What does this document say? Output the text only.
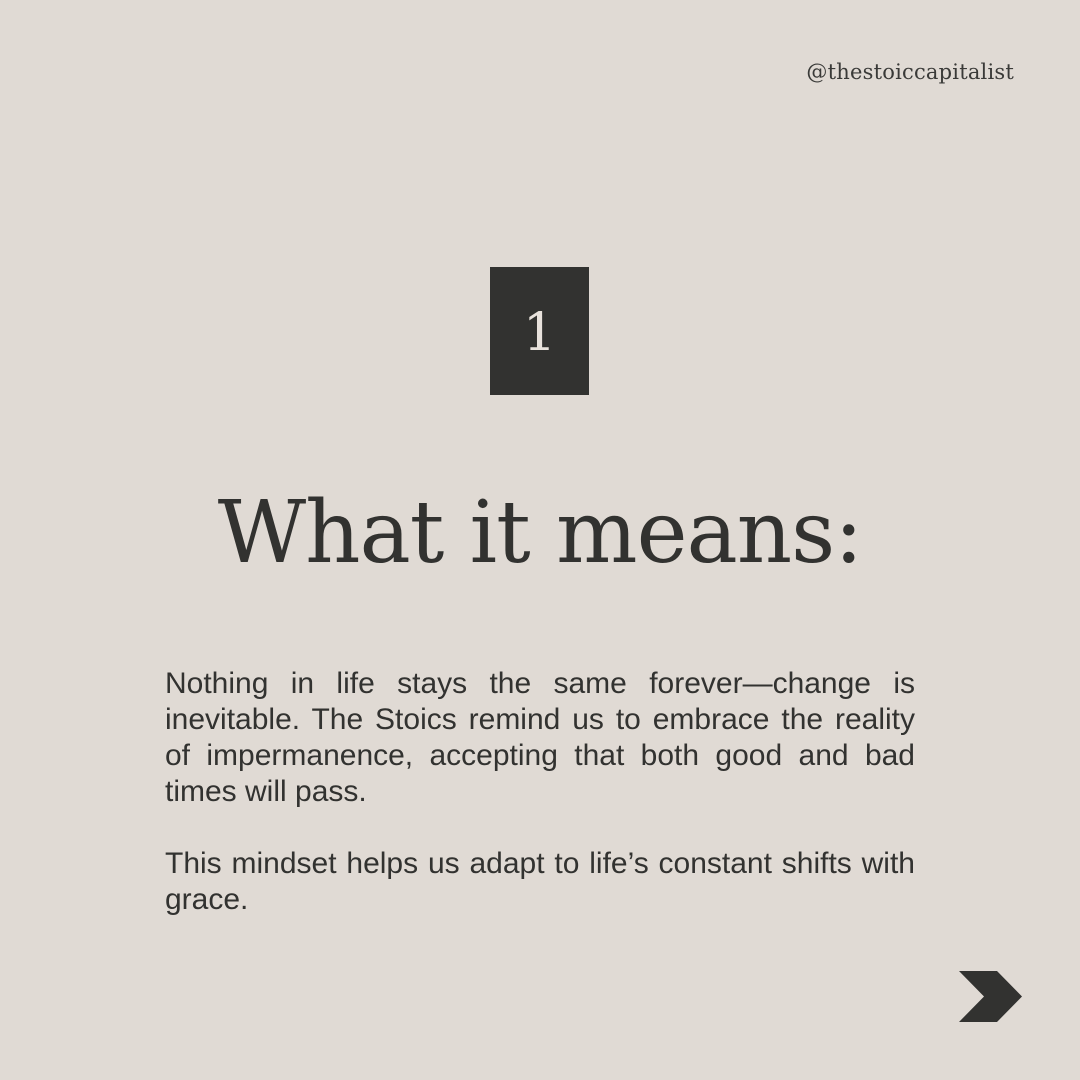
@thestoiccapitalist
1
What it means:

Nothing in life stays the same forever—change is inevitable. The Stoics remind us to embrace the reality of impermanence, accepting that both good and bad times will pass.

This mindset helps us adapt to life’s constant shifts with grace.
